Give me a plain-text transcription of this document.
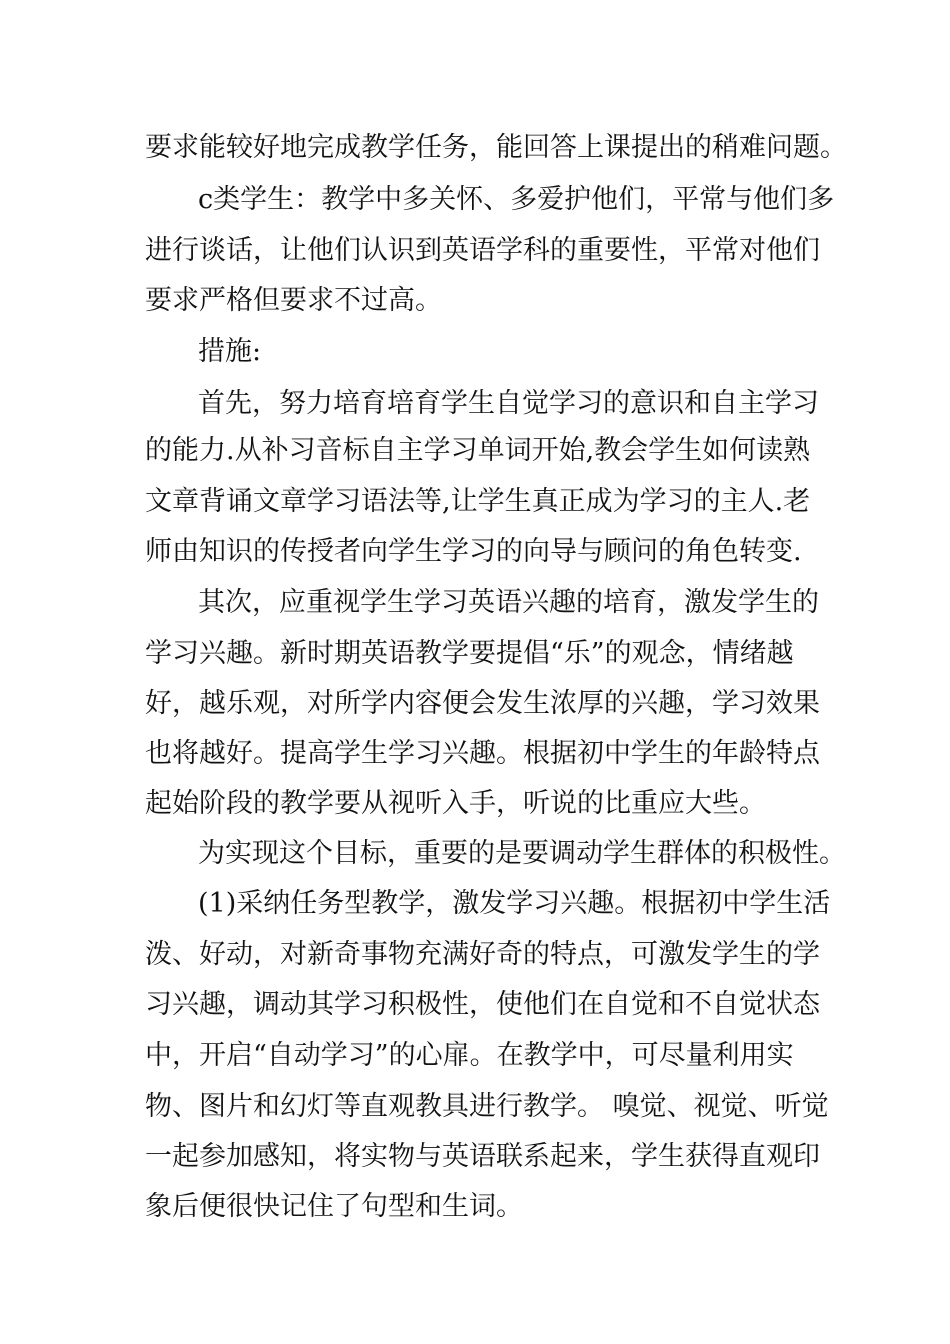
要求能较好地完成教学任务，能回答上课提出的稍难问题。

c类学生：教学中多关怀、多爱护他们，平常与他们多

进行谈话，让他们认识到英语学科的重要性，平常对他们

要求严格但要求不过高。

措施:

首先，努力培育培育学生自觉学习的意识和自主学习

的能力.从补习音标自主学习单词开始,教会学生如何读熟

文章背诵文章学习语法等,让学生真正成为学习的主人.老

师由知识的传授者向学生学习的向导与顾问的角色转变.

其次，应重视学生学习英语兴趣的培育，激发学生的

学习兴趣。新时期英语教学要提倡“乐”的观念，情绪越

好，越乐观，对所学内容便会发生浓厚的兴趣，学习效果

也将越好。提高学生学习兴趣。根据初中学生的年龄特点

起始阶段的教学要从视听入手，听说的比重应大些。

为实现这个目标，重要的是要调动学生群体的积极性。

(1)采纳任务型教学，激发学习兴趣。根据初中学生活

泼、好动，对新奇事物充满好奇的特点，可激发学生的学

习兴趣，调动其学习积极性，使他们在自觉和不自觉状态

中，开启“自动学习”的心扉。在教学中，可尽量利用实

物、图片和幻灯等直观教具进行教学。 嗅觉、视觉、听觉

一起参加感知，将实物与英语联系起来，学生获得直观印

象后便很快记住了句型和生词。
